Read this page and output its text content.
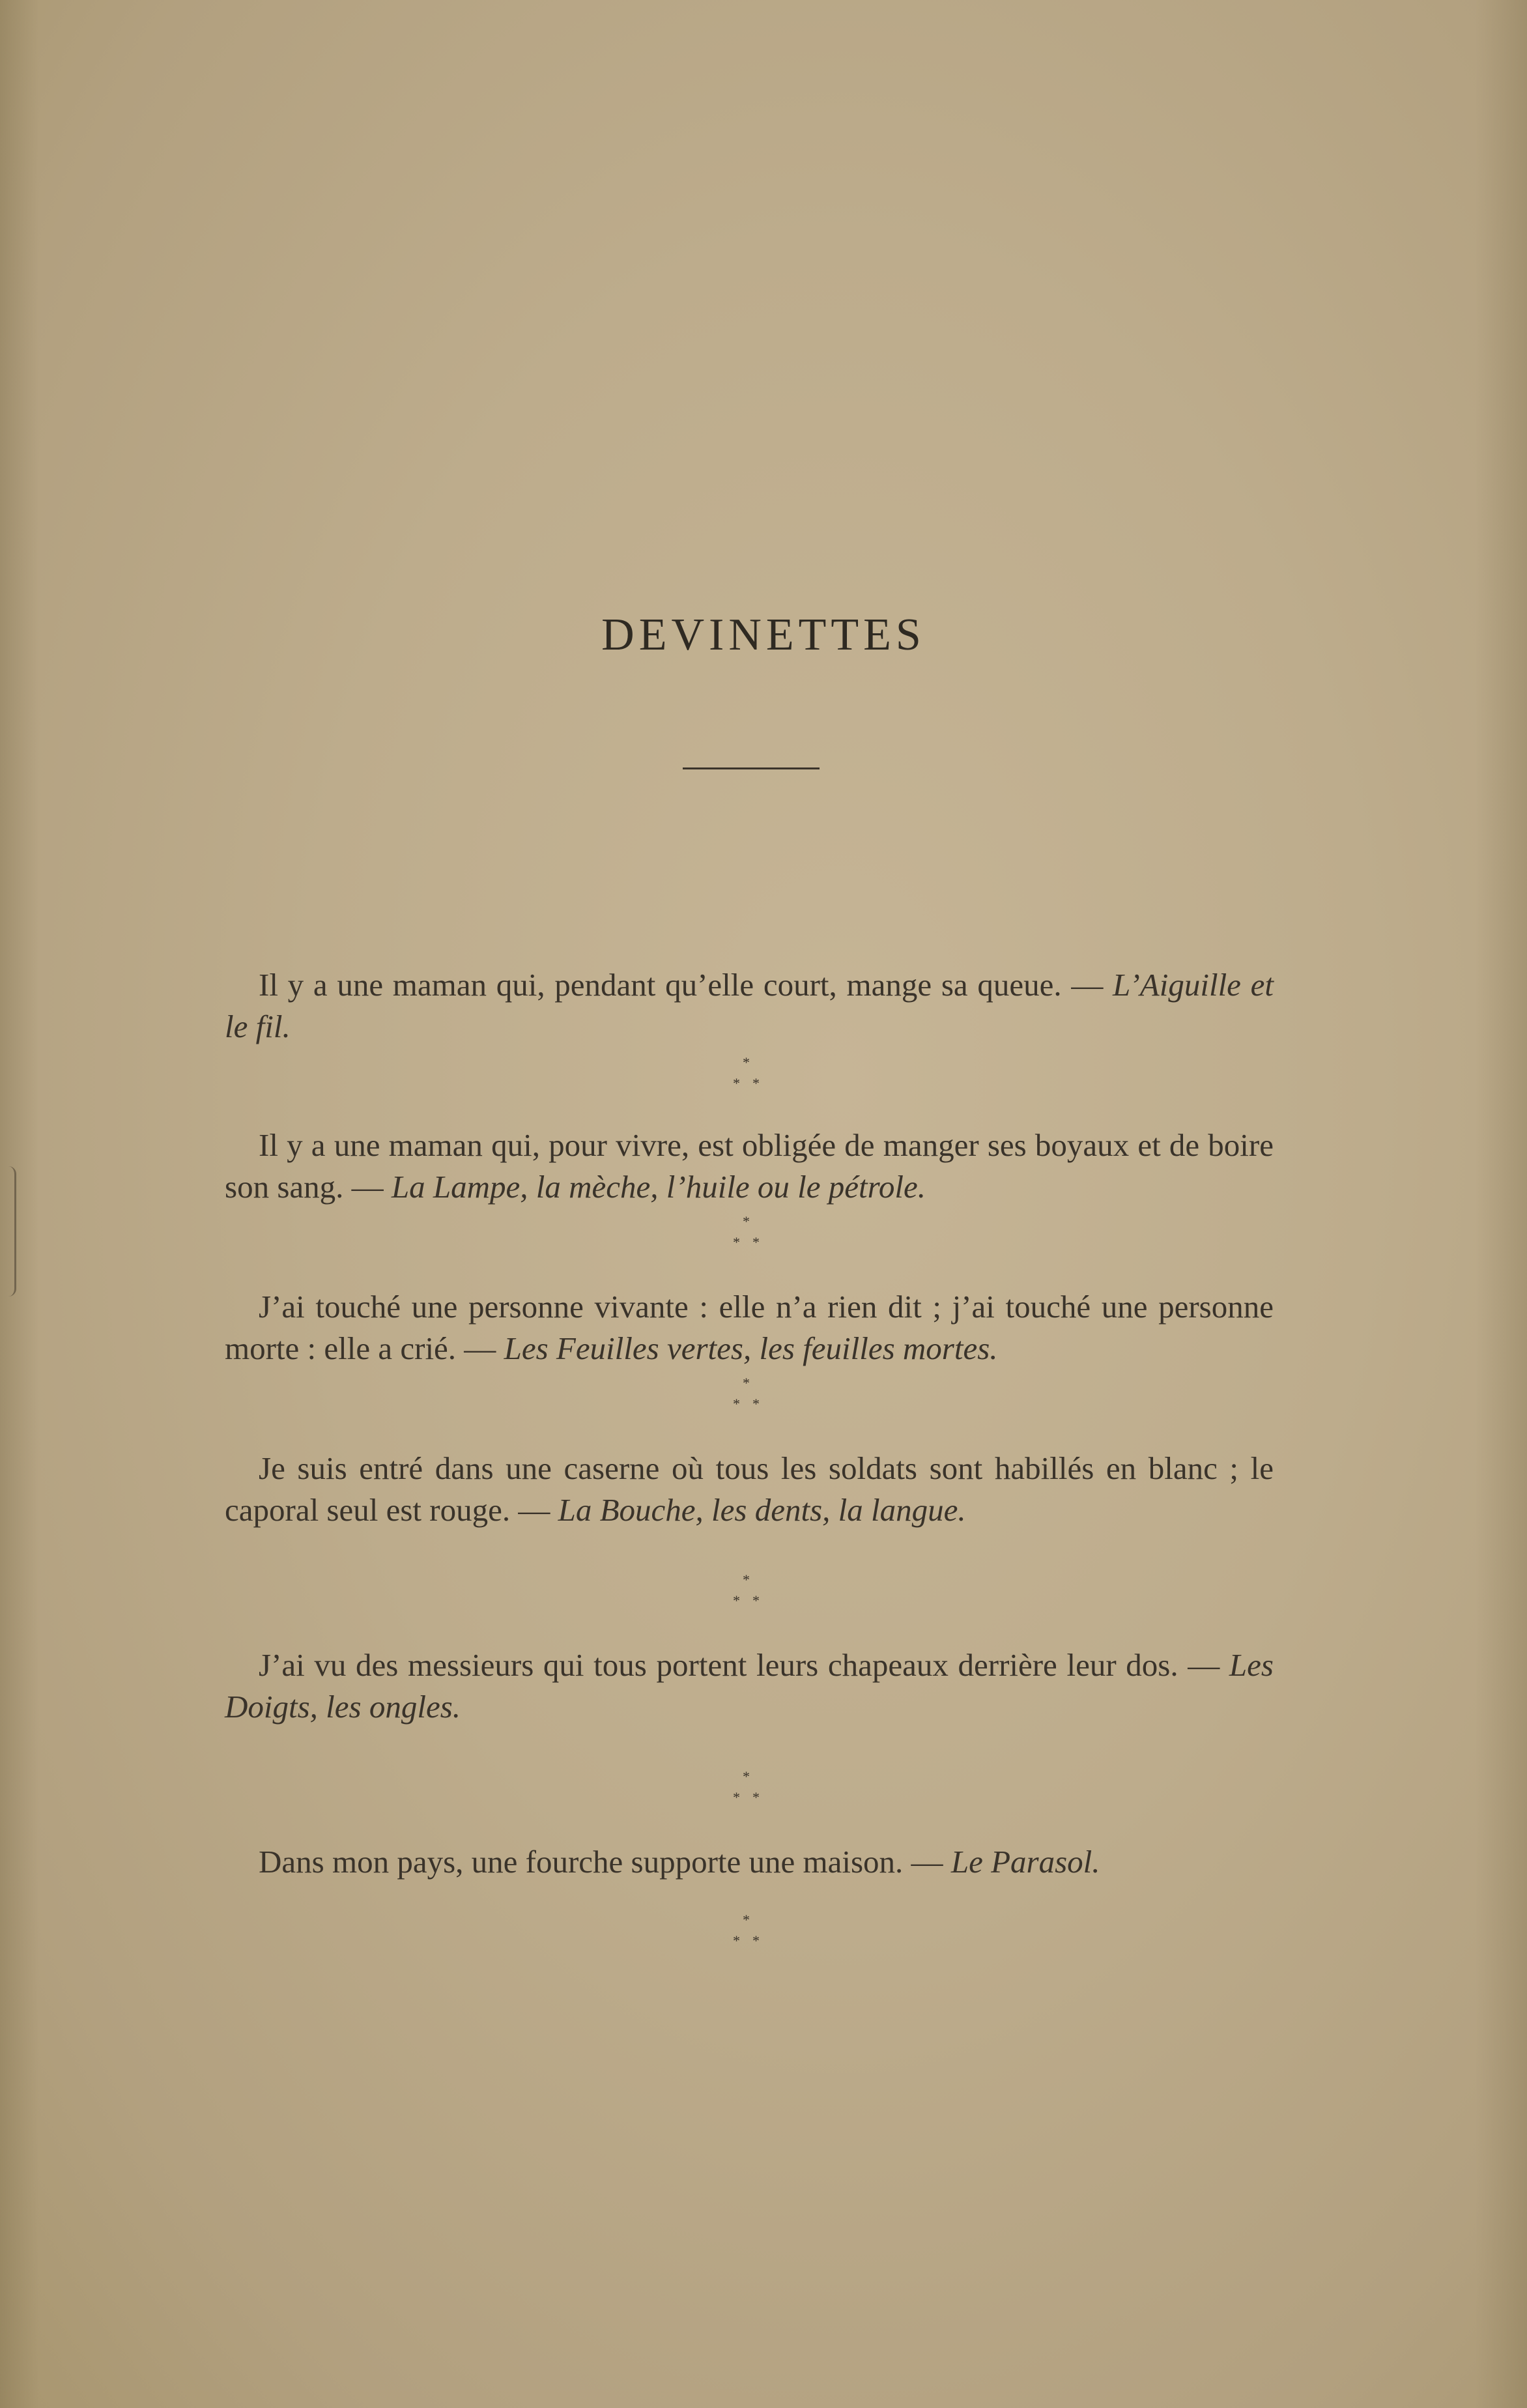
DEVINETTES

Il y a une maman qui, pendant qu’elle court, mange sa queue. — L’Aiguille et le fil.

*
* *

Il y a une maman qui, pour vivre, est obligée de manger ses boyaux et de boire son sang. — La Lampe, la mèche, l’huile ou le pétrole.

*
* *

J’ai touché une personne vivante : elle n’a rien dit ; j’ai touché une personne morte : elle a crié. — Les Feuilles vertes, les feuilles mortes.

*
* *

Je suis entré dans une caserne où tous les soldats sont habillés en blanc ; le caporal seul est rouge. — La Bouche, les dents, la langue.

*
* *

J’ai vu des messieurs qui tous portent leurs chapeaux derrière leur dos. — Les Doigts, les ongles.

*
* *

Dans mon pays, une fourche supporte une maison. — Le Parasol.

*
* *
